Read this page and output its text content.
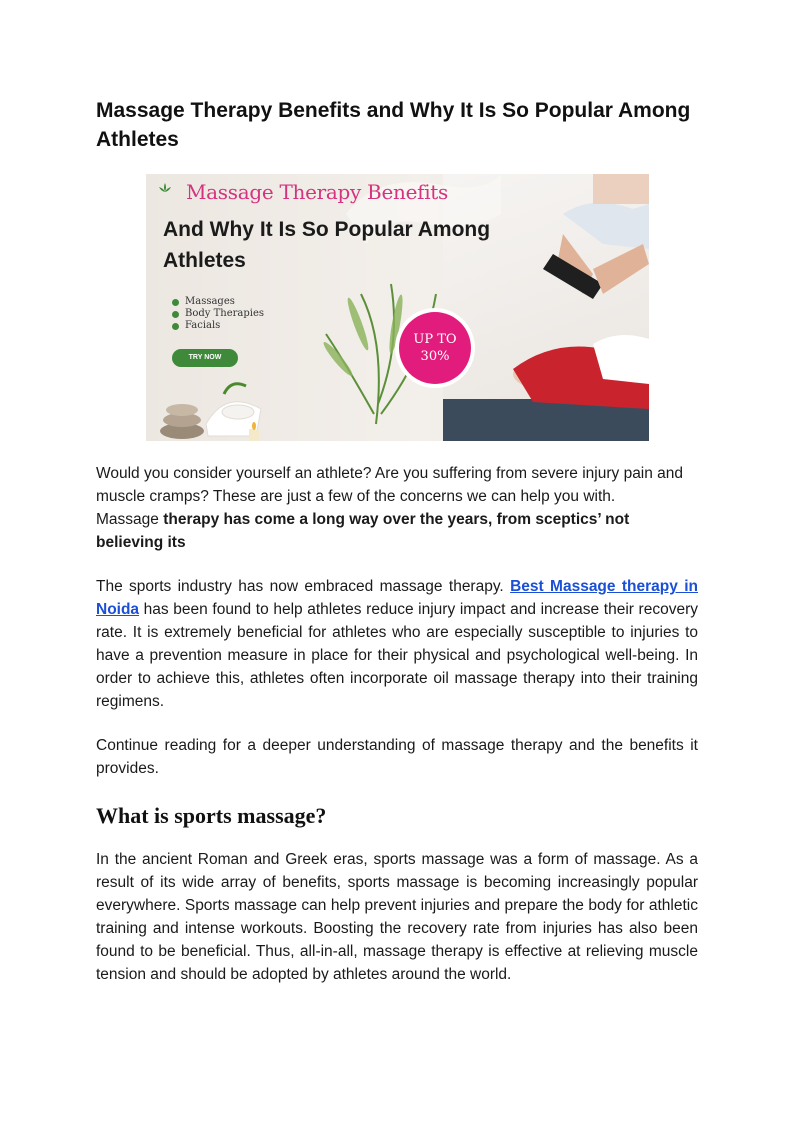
Massage Therapy Benefits and Why It Is So Popular Among Athletes
Massage Therapy Benefits
And Why It Is So Popular Among Athletes
Massages
Body Therapies
Facials
TRY NOW
UP TO
30%

Would you consider yourself an athlete? Are you suffering from severe injury pain and muscle cramps? These are just a few of the concerns we can help you with.

Massage therapy has come a long way over the years, from sceptics’ not believing its

The sports industry has now embraced massage therapy. Best Massage therapy in Noida has been found to help athletes reduce injury impact and increase their recovery rate. It is extremely beneficial for athletes who are especially susceptible to injuries to have a prevention measure in place for their physical and psychological well-being. In order to achieve this, athletes often incorporate oil massage therapy into their training regimens.

Continue reading for a deeper understanding of massage therapy and the benefits it provides.

What is sports massage?

In the ancient Roman and Greek eras, sports massage was a form of massage. As a result of its wide array of benefits, sports massage is becoming increasingly popular everywhere. Sports massage can help prevent injuries and prepare the body for athletic training and intense workouts. Boosting the recovery rate from injuries has also been found to be beneficial. Thus, all-in-all, massage therapy is effective at relieving muscle tension and should be adopted by athletes around the world.
